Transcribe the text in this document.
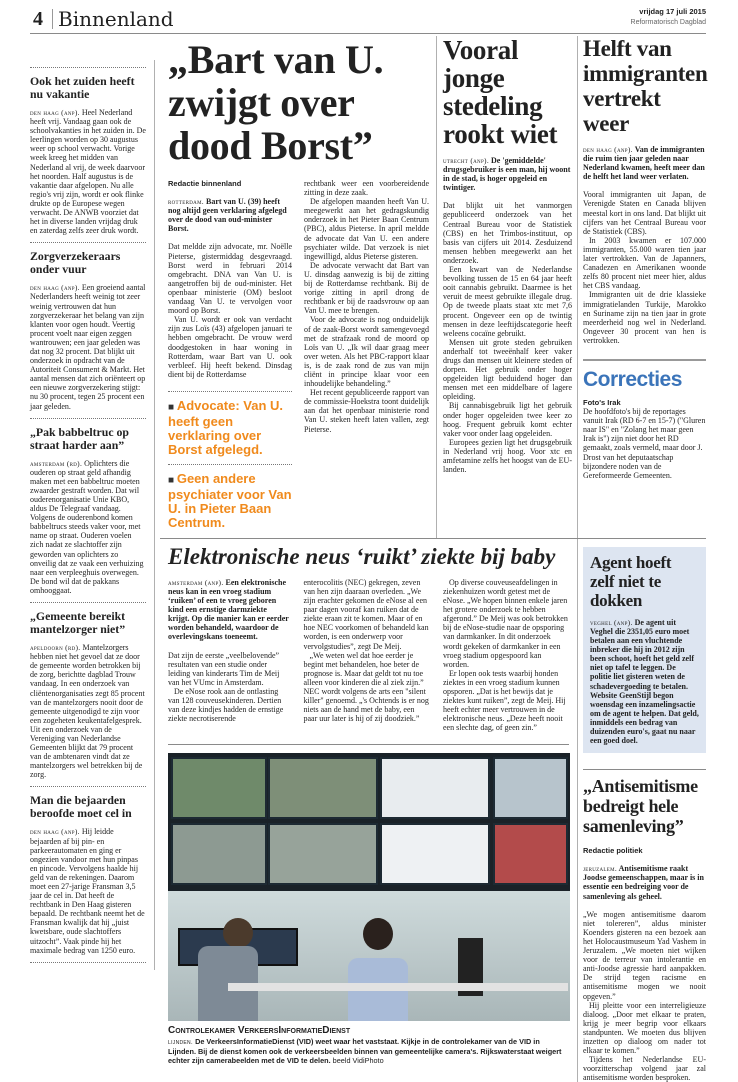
4 Binnenland	vrijdag 17 juli 2015
Reformatorisch Dagblad
Ook het zuiden heeft nu vakantie

den haag (anp). Heel Nederland heeft vrij. Vandaag gaan ook de schoolvakanties in het zuiden in. De leerlingen worden op 30 augustus weer op school verwacht. Vorige week kreeg het midden van Nederland al vrij, de week daarvoor het noorden. Half augustus is de vakantie daar afgelopen. Nu alle regio's vrij zijn, wordt er ook flinke drukte op de Europese wegen verwacht. De ANWB voorziet dat het in diverse landen vrijdag druk en zaterdag zelfs zeer druk wordt.

Zorgverzekeraars onder vuur

den haag (anp). Een groeiend aantal Nederlanders heeft weinig tot zeer weinig vertrouwen dat hun zorgverzekeraar het belang van zijn klanten voor ogen houdt. Veertig procent voelt naar eigen zeggen wantrouwen; een jaar geleden was dat nog 32 procent. Dat blijkt uit onderzoek in opdracht van de Autoriteit Consument & Markt. Het aantal mensen dat zich oriënteert op een nieuwe zorgverzekering stijgt: nu 30 procent, tegen 25 procent een jaar geleden.

„Pak babbeltruc op straat harder aan”

amsterdam (rd). Oplichters die ouderen op straat geld afhandig maken met een babbeltruc moeten zwaarder gestraft worden. Dat wil ouderenorganisatie Unie KBO, aldus De Telegraaf vandaag. Volgens de ouderenbond komen babbeltrucs steeds vaker voor, met name op straat. Ouderen voelen zich nadat ze slachtoffer zijn geworden van oplichters zo onveilig dat ze vaak een verhuizing naar een verpleeghuis overwegen. De bond wil dat de pakkans omhooggaat.

„Gemeente bereikt mantelzorger niet”

apeldoorn (rd). Mantelzorgers hebben niet het gevoel dat ze door de gemeente worden betrokken bij de zorg, berichtte dagblad Trouw vandaag. In een onderzoek van cliëntenorganisaties zegt 85 procent van de mantelzorgers nooit door de gemeente uitgenodigd te zijn voor een zogeheten keukentafelgesprek. Uit een onderzoek van de Vereniging van Nederlandse Gemeenten blijkt dat 79 procent van de ambtenaren vindt dat ze mantelzorgers wel betrekken bij de zorg.

Man die bejaarden beroofde moet cel in

den haag (anp). Hij leidde bejaarden af bij pin- en parkeerautomaten en ging er ongezien vandoor met hun pinpas en pincode. Vervolgens haalde hij geld van de rekeningen. Daarom moet een 27-jarige Fransman 3,5 jaar de cel in. Dat heeft de rechtbank in Den Haag gisteren bepaald. De rechtbank neemt het de Fransman kwalijk dat hij „juist kwetsbare, oude slachtoffers uitzocht”. Vaak pinde hij het maximale bedrag van 1250 euro.

„Bart van U. zwijgt over dood Borst”
Redactie binnenland

rotterdam. Bart van U. (39) heeft nog altijd geen verklaring afgelegd over de dood van oud-minister Borst.

Dat meldde zijn advocate, mr. Noëlle Pieterse, gistermiddag desgevraagd. Borst werd in februari 2014 omgebracht. DNA van Van U. is aangetroffen bij de oud-minister. Het openbaar ministerie (OM) besloot vandaag Van U. te vervolgen voor moord op Borst.

Van U. wordt er ook van verdacht zijn zus Loïs (43) afgelopen januari te hebben omgebracht. De vrouw werd doodgestoken in haar woning in Rotterdam, waar Bart van U. ook verbleef. Hij heeft bekend. Dinsdag dient bij de Rotterdamse

■ Advocate: Van U. heeft geen verklaring over Borst afgelegd.

■ Geen andere psychiater voor Van U. in Pieter Baan Centrum.

rechtbank weer een voorbereidende zitting in deze zaak.

De afgelopen maanden heeft Van U. meegewerkt aan het gedragskundig onderzoek in het Pieter Baan Centrum (PBC), aldus Pieterse. In april meldde de advocate dat Van U. een andere psychiater wilde. Dat verzoek is niet ingewilligd, aldus Pieterse gisteren.

De advocate verwacht dat Bart van U. dinsdag aanwezig is bij de zitting bij de Rotterdamse rechtbank. Bij de vorige zitting in april drong de rechtbank er bij de raadsvrouw op aan Van U. mee te brengen.

Voor de advocate is nog onduidelijk of de zaak-Borst wordt samengevoegd met de strafzaak rond de moord op Loïs van U. „Ik wil daar graag meer over weten. Als het PBC-rapport klaar is, is de zaak rond de zus van mijn cliënt in principe klaar voor een inhoudelijke behandeling.”

Het recent gepubliceerde rapport van de commissie-Hoekstra toont duidelijk aan dat het openbaar ministerie rond Van U. steken heeft laten vallen, zegt Pieterse.

Vooral jonge stedeling rookt wiet

utrecht (anp). De 'gemiddelde' drugsgebruiker is een man, hij woont in de stad, is hoger opgeleid en twintiger.

Dat blijkt uit het vanmorgen gepubliceerd onderzoek van het Centraal Bureau voor de Statistiek (CBS) en het Trimbos-instituut, op basis van cijfers uit 2014. Zesduizend mensen hebben meegewerkt aan het onderzoek.

Een kwart van de Nederlandse bevolking tussen de 15 en 64 jaar heeft ooit cannabis gebruikt. Daarmee is het veruit de meest gebruikte illegale drug. Op de tweede plaats staat xtc met 7,6 procent. Ongeveer een op de twintig mensen in deze leeftijdscategorie heeft weleens cocaïne gebruikt.

Mensen uit grote steden gebruiken anderhalf tot tweeënhalf keer vaker drugs dan mensen uit kleinere steden of dorpen. Het gebruik onder hoger opgeleiden ligt beduidend hoger dan mensen met een middelbare of lagere opleiding.

Bij cannabisgebruik ligt het gebruik onder hoger opgeleiden twee keer zo hoog. Frequent gebruik komt echter vaker voor onder laag opgeleiden.

Europees gezien ligt het drugsgebruik in Nederland vrij hoog. Voor xtc en amfetamine zelfs het hoogst van de EU-landen.

Helft van immigranten vertrekt weer

den haag (anp). Van de immigranten die ruim tien jaar geleden naar Nederland kwamen, heeft meer dan de helft het land weer verlaten.

Vooral immigranten uit Japan, de Verenigde Staten en Canada blijven meestal kort in ons land. Dat blijkt uit cijfers van het Centraal Bureau voor de Statistiek (CBS).

In 2003 kwamen er 107.000 immigranten, 55.000 waren tien jaar later vertrokken. Van de Japanners, Canadezen en Amerikanen woonde zelfs 80 procent niet meer hier, aldus het CBS vandaag.

Immigranten uit de drie klassieke immigratielanden Turkije, Marokko en Suriname zijn na tien jaar in grote meerderheid nog wel in Nederland. Ongeveer 30 procent van hen is vertrokken.

Correcties
Foto's Irak

De hoofdfoto's bij de reportages vanuit Irak (RD 6-7 en 15-7) ("Gluren naar IS" en "Zolang het maar geen Irak is") zijn niet door het RD gemaakt, zoals vermeld, maar door J. Drost van het deputaatschap bijzondere noden van de Gereformeerde Gemeenten.

Elektronische neus ‘ruikt’ ziekte bij baby

amsterdam (anp). Een elektronische neus kan in een vroeg stadium ‘ruiken’ of een te vroeg geboren kind een ernstige darmziekte krijgt. Op die manier kan er eerder worden behandeld, waardoor de overlevingskans toeneemt.

Dat zijn de eerste „veelbelovende” resultaten van een studie onder leiding van kinderarts Tim de Meij van het VUmc in Amsterdam.

De eNose rook aan de ontlasting van 128 couveusekinderen. Dertien van deze kindjes hadden de ernstige ziekte necrotiserende

enterocolitis (NEC) gekregen, zeven van hen zijn daaraan overleden. „We zijn erachter gekomen de eNose al een paar dagen vooraf kan ruiken dat de ziekte eraan zit te komen. Maar of en hoe NEC voorkomen of behandeld kan worden, is een onderwerp voor vervolgstudies”, zegt De Meij.

„We weten wel dat hoe eerder je begint met behandelen, hoe beter de prognose is. Maar dat geldt tot nu toe alleen voor kinderen die al ziek zijn.” NEC wordt volgens de arts een "silent killer" genoemd. „'s Ochtends is er nog niets aan de hand met de baby, een paar uur later is hij of zij doodziek.”

Op diverse couveuseafdelingen in ziekenhuizen wordt getest met de eNose. „We hopen binnen enkele jaren het grotere onderzoek te hebben afgerond.” De Meij was ook betrokken bij de eNose-studie naar de opsporing van darmkanker. In dit onderzoek wordt gekeken of darmkanker in een vroeg stadium opgespoord kan worden.

Er lopen ook tests waarbij honden ziektes in een vroeg stadium kunnen opsporen. „Dat is het bewijs dat je ziektes kunt ruiken”, zegt de Meij. Hij heeft echter meer vertrouwen in de elektronische neus. „Deze heeft nooit een slechte dag, of geen zin.”

Controlekamer VerkeersInformatieDienst

lijnden. De VerkeersInformatieDienst (VID) weet waar het vaststaat. Kijkje in de controlekamer van de VID in Lijnden. Bij de dienst komen ook de verkeersbeelden binnen van gemeentelijke camera's. Rijkswaterstaat weigert echter zijn camerabeelden met de VID te delen. beeld VidiPhoto

Agent hoeft zelf niet te dokken

veghel (anp). De agent uit Veghel die 2351,05 euro moet betalen aan een vluchtende inbreker die hij in 2012 zijn been schoot, hoeft het geld zelf niet op tafel te leggen. De politie liet gisteren weten de schadevergoeding te betalen. Website GeenStijl begon woensdag een inzamelingsactie om de agent te helpen. Dat geld, inmiddels een bedrag van duizenden euro's, gaat nu naar een goed doel.

„Antisemitisme bedreigt hele samenleving”
Redactie politiek

jeruzalem. Antisemitisme raakt Joodse gemeenschappen, maar is in essentie een bedreiging voor de samenleving als geheel.

„We mogen antisemitisme daarom niet tolereren”, aldus minister Koenders gisteren na een bezoek aan het Holocaustmuseum Yad Vashem in Jeruzalem. „We moeten niet wijken voor de terreur van intolerantie en anti-Joodse agressie hard aanpakken. De strijd tegen racisme en antisemitisme mogen we nooit opgeven.”

Hij pleitte voor een interreligieuze dialoog. „Door met elkaar te praten, krijg je meer begrip voor elkaars standpunten. We moeten dus blijven inzetten op dialoog om nader tot elkaar te komen.”

Tijdens het Nederlandse EU-voorzitterschap volgend jaar zal antisemitisme worden besproken.
